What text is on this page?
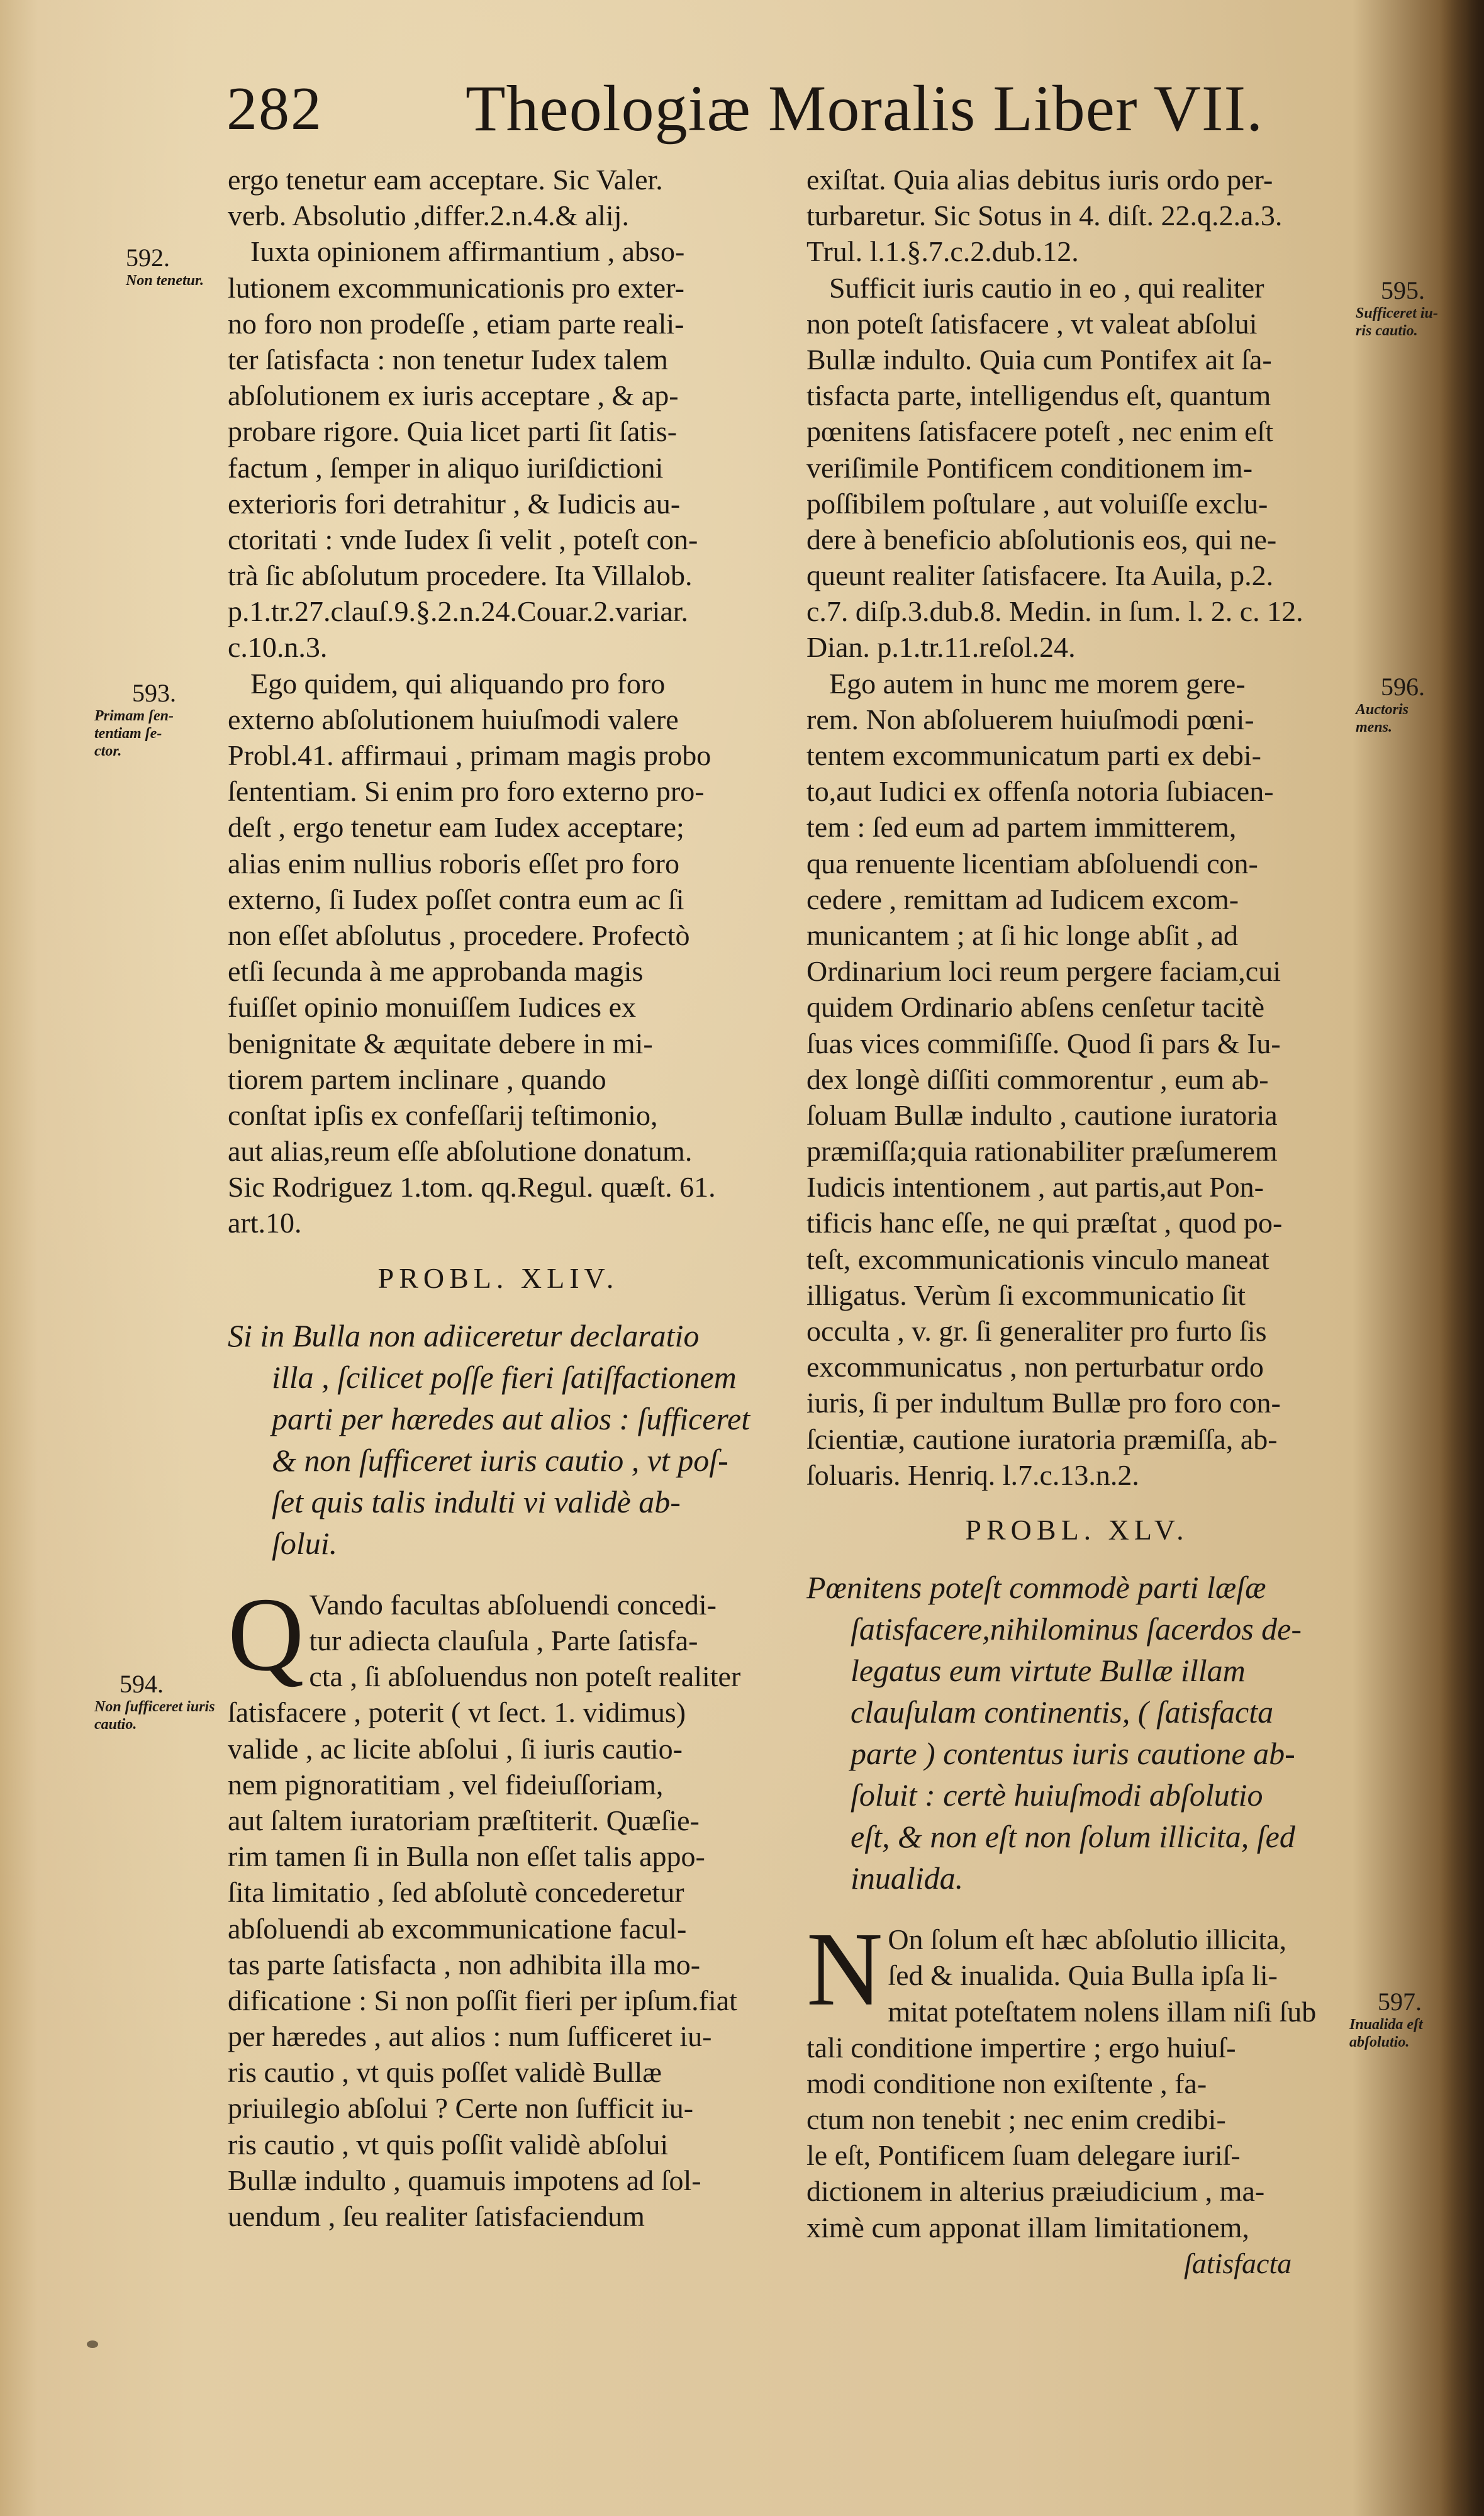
282 Theologiæ Moralis Liber VII.
ergo tenetur eam acceptare. Sic Valer.
verb. Absolutio ,differ.2.n.4.& alij.
Iuxta opinionem affirmantium , abso-
lutionem excommunicationis pro exter-
no foro non prodeſſe , etiam parte reali-
ter ſatisfacta : non tenetur Iudex talem
abſolutionem ex iuris acceptare , & ap-
probare rigore. Quia licet parti ſit ſatis-
factum , ſemper in aliquo iuriſdictioni
exterioris fori detrahitur , & Iudicis au-
ctoritati : vnde Iudex ſi velit , poteſt con-
trà ſic abſolutum procedere. Ita Villalob.
p.1.tr.27.clauſ.9.§.2.n.24.Couar.2.variar.
c.10.n.3.
Ego quidem, qui aliquando pro foro
externo abſolutionem huiuſmodi valere
Probl.41. affirmaui , primam magis probo
ſententiam. Si enim pro foro externo pro-
deſt , ergo tenetur eam Iudex acceptare;
alias enim nullius roboris eſſet pro foro
externo, ſi Iudex poſſet contra eum ac ſi
non eſſet abſolutus , procedere. Profectò
etſi ſecunda à me approbanda magis
fuiſſet opinio monuiſſem Iudices ex
benignitate & æquitate debere in mi-
tiorem partem inclinare , quando
conſtat ipſis ex confeſſarij teſtimonio,
aut alias,reum eſſe abſolutione donatum.
Sic Rodriguez 1.tom. qq.Regul. quæſt. 61.
art.10.
PROBL. XLIV.
Si in Bulla non adiiceretur declaratio
illa , ſcilicet poſſe fieri ſatiſfactionem
parti per hæredes aut alios : ſufficeret
& non ſufficeret iuris cautio , vt poſ-
ſet quis talis indulti vi validè ab-
ſolui.
Q Vando facultas abſoluendi concedi-
tur adiecta clauſula , Parte ſatisfa-
cta , ſi abſoluendus non poteſt realiter
ſatisfacere , poterit ( vt ſect. 1. vidimus)
valide , ac licite abſolui , ſi iuris cautio-
nem pignoratitiam , vel fideiuſſoriam,
aut ſaltem iuratoriam præſtiterit. Quæſie-
rim tamen ſi in Bulla non eſſet talis appo-
ſita limitatio , ſed abſolutè concederetur
abſoluendi ab excommunicatione facul-
tas parte ſatisfacta , non adhibita illa mo-
dificatione : Si non poſſit fieri per ipſum.fiat
per hæredes , aut alios : num ſufficeret iu-
ris cautio , vt quis poſſet validè Bullæ
priuilegio abſolui ? Certe non ſufficit iu-
ris cautio , vt quis poſſit validè abſolui
Bullæ indulto , quamuis impotens ad ſol-
uendum , ſeu realiter ſatisfaciendum
exiſtat. Quia alias debitus iuris ordo per-
turbaretur. Sic Sotus in 4. diſt. 22.q.2.a.3.
Trul. l.1.§.7.c.2.dub.12.
Sufficit iuris cautio in eo , qui realiter
non poteſt ſatisfacere , vt valeat abſolui
Bullæ indulto. Quia cum Pontifex ait ſa-
tisfacta parte, intelligendus eſt, quantum
pœnitens ſatisfacere poteſt , nec enim eſt
veriſimile Pontificem conditionem im-
poſſibilem poſtulare , aut voluiſſe exclu-
dere à beneficio abſolutionis eos, qui ne-
queunt realiter ſatisfacere. Ita Auila, p.2.
c.7. diſp.3.dub.8. Medin. in ſum. l. 2. c. 12.
Dian. p.1.tr.11.reſol.24.
Ego autem in hunc me morem gere-
rem. Non abſoluerem huiuſmodi pœni-
tentem excommunicatum parti ex debi-
to,aut Iudici ex offenſa notoria ſubiacen-
tem : ſed eum ad partem immitterem,
qua renuente licentiam abſoluendi con-
cedere , remittam ad Iudicem excom-
municantem ; at ſi hic longe abſit , ad
Ordinarium loci reum pergere faciam,cui
quidem Ordinario abſens cenſetur tacitè
ſuas vices commiſiſſe. Quod ſi pars & Iu-
dex longè diſſiti commorentur , eum ab-
ſoluam Bullæ indulto , cautione iuratoria
præmiſſa;quia rationabiliter præſumerem
Iudicis intentionem , aut partis,aut Pon-
tificis hanc eſſe, ne qui præſtat , quod po-
teſt, excommunicationis vinculo maneat
illigatus. Verùm ſi excommunicatio ſit
occulta , v. gr. ſi generaliter pro furto ſis
excommunicatus , non perturbatur ordo
iuris, ſi per indultum Bullæ pro foro con-
ſcientiæ, cautione iuratoria præmiſſa, ab-
ſoluaris. Henriq. l.7.c.13.n.2.
PROBL. XLV.
Pœnitens poteſt commodè parti læſæ
ſatisfacere,nihilominus ſacerdos de-
legatus eum virtute Bullæ illam
clauſulam continentis, ( ſatisfacta
parte ) contentus iuris cautione ab-
ſoluit : certè huiuſmodi abſolutio
eſt, & non eſt non ſolum illicita, ſed
inualida.
N On ſolum eſt hæc abſolutio illicita,
ſed & inualida. Quia Bulla ipſa li-
mitat poteſtatem nolens illam niſi ſub
tali conditione impertire ; ergo huiuſ-
modi conditione non exiſtente , fa-
ctum non tenebit ; nec enim credibi-
le eſt, Pontificem ſuam delegare iuriſ-
dictionem in alterius præiudicium , ma-
ximè cum apponat illam limitationem,
ſatisfacta
592.
Non tenetur.
593.
Primam ſen-tentiam ſe-ctor.
594.
Non ſufficeret iuris cautio.
595.
Sufficeret iu-ris cautio.
596.
Auctoris mens.
597.
Inualida eſt abſolutio.
